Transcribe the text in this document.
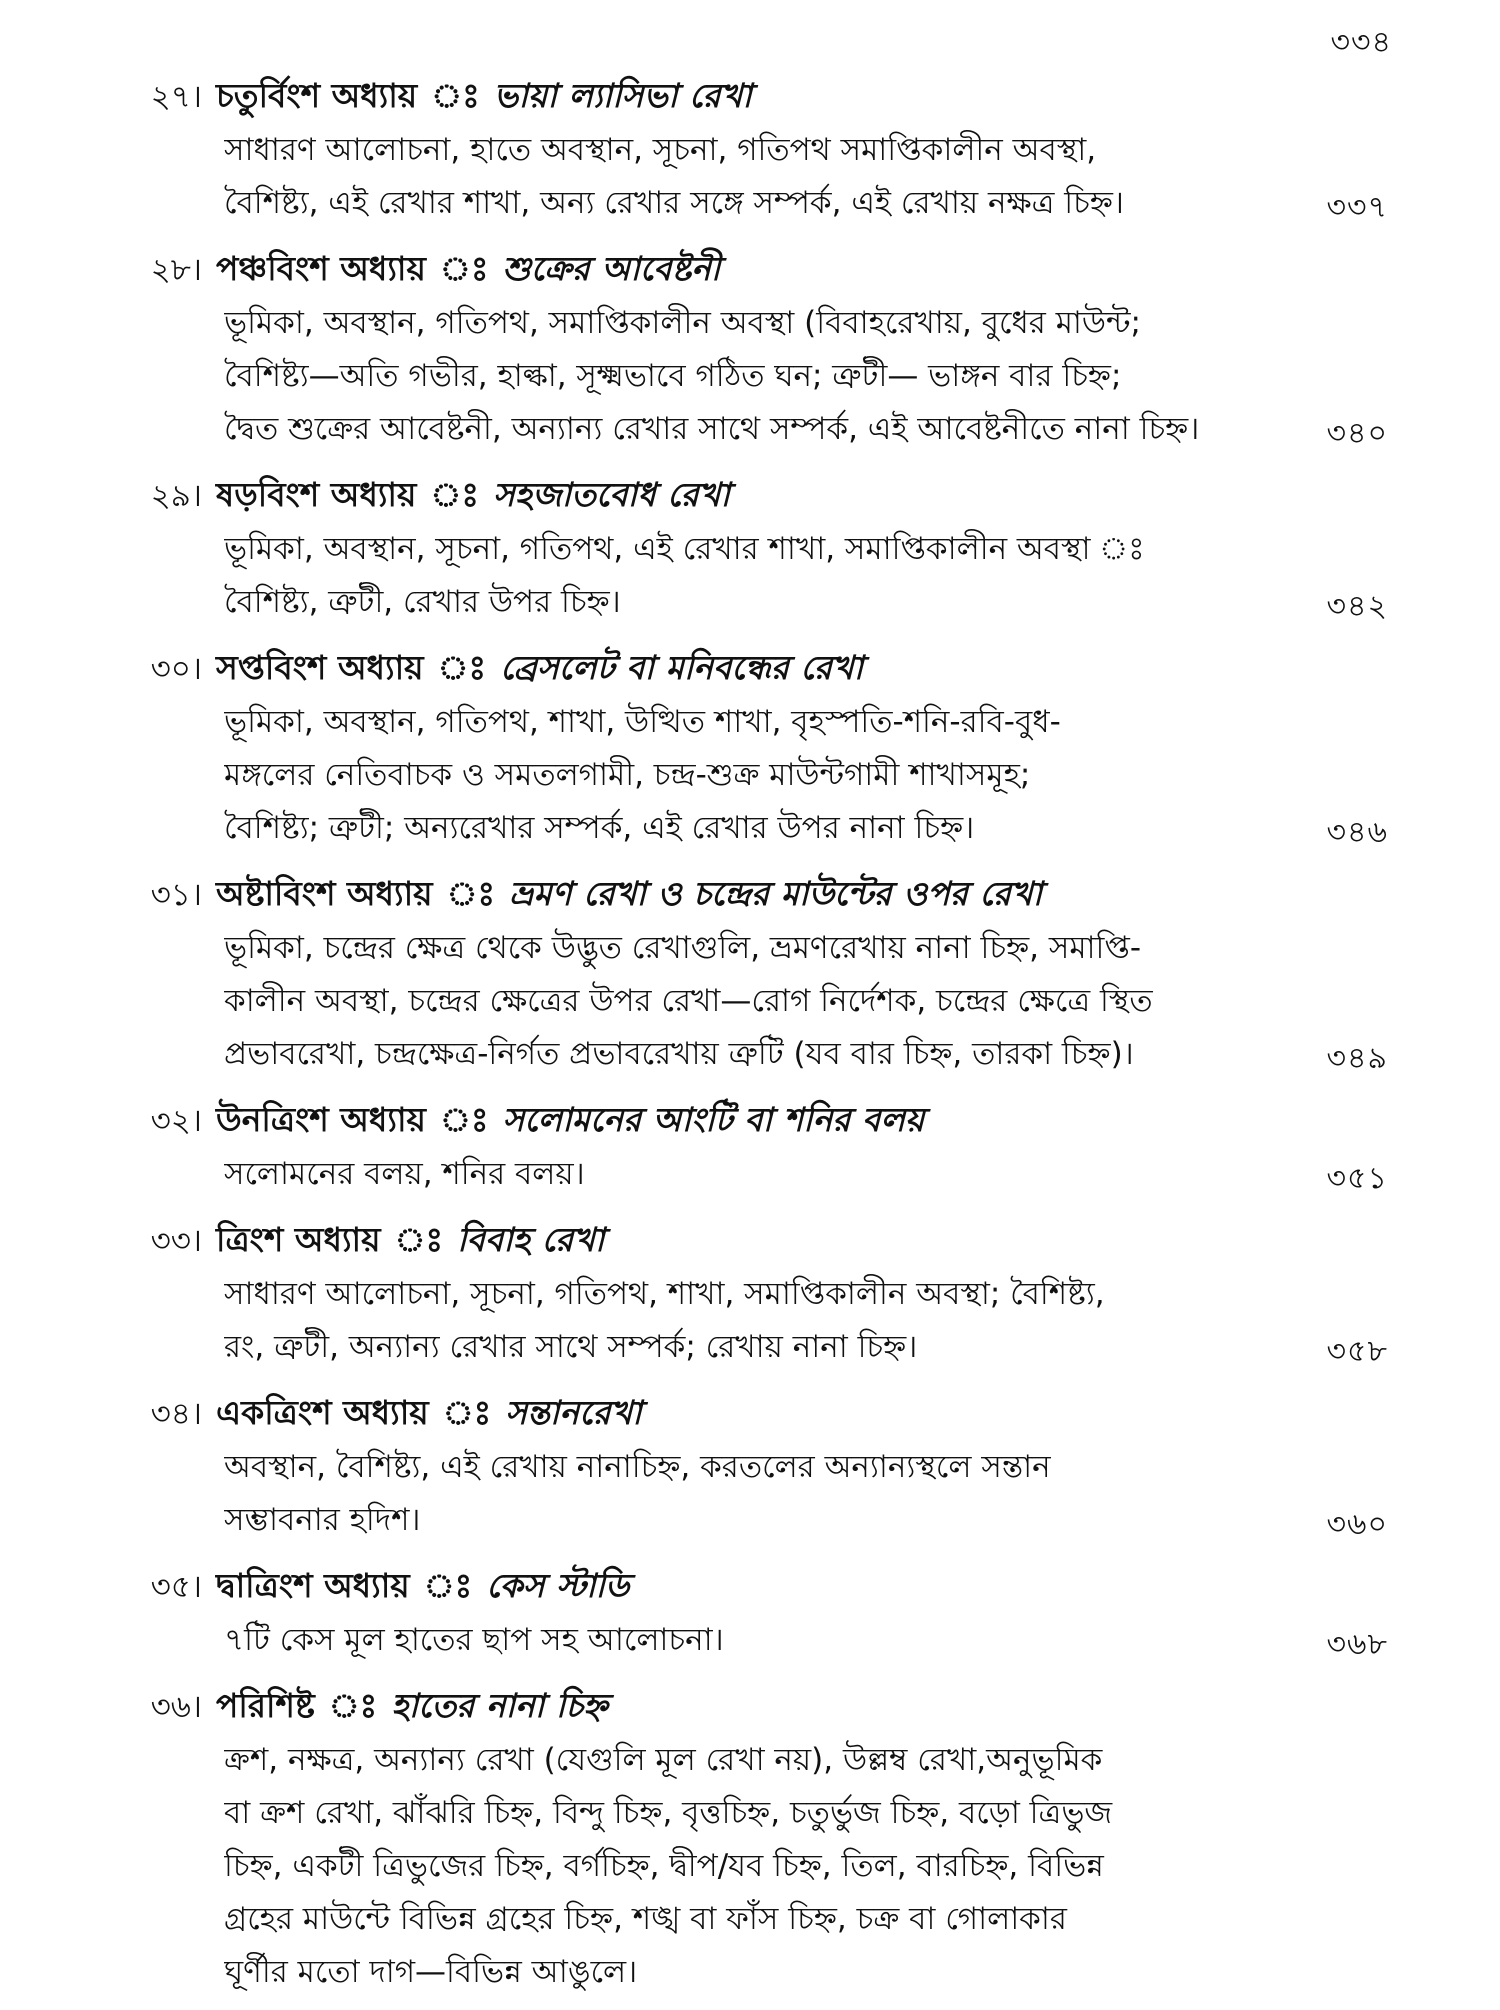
৩৩৪
২৭। চতুর্বিংশ অধ্যায় ঃ ভায়া ল্যাসিভা রেখা
সাধারণ আলোচনা, হাতে অবস্থান, সূচনা, গতিপথ সমাপ্তিকালীন অবস্থা,
বৈশিষ্ট্য, এই রেখার শাখা, অন্য রেখার সঙ্গে সম্পর্ক, এই রেখায় নক্ষত্র চিহ্ন।	৩৩৭
২৮। পঞ্চবিংশ অধ্যায় ঃ শুক্রের আবেষ্টনী
ভূমিকা, অবস্থান, গতিপথ, সমাপ্তিকালীন অবস্থা (বিবাহরেখায়, বুধের মাউন্ট;
বৈশিষ্ট্য—অতি গভীর, হাল্কা, সূক্ষ্মভাবে গঠিত ঘন; ত্রুটী— ভাঙ্গন বার চিহ্ন;
দ্বৈত শুক্রের আবেষ্টনী, অন্যান্য রেখার সাথে সম্পর্ক, এই আবেষ্টনীতে নানা চিহ্ন।	৩৪০
২৯। ষড়বিংশ অধ্যায় ঃ সহজাতবোধ রেখা
ভূমিকা, অবস্থান, সূচনা, গতিপথ, এই রেখার শাখা, সমাপ্তিকালীন অবস্থা ঃ
বৈশিষ্ট্য, ত্রুটী, রেখার উপর চিহ্ন।	৩৪২
৩০। সপ্তবিংশ অধ্যায় ঃ ব্রেসলেট বা মনিবন্ধের রেখা
ভূমিকা, অবস্থান, গতিপথ, শাখা, উত্থিত শাখা, বৃহস্পতি-শনি-রবি-বুধ-
মঙ্গলের নেতিবাচক ও সমতলগামী, চন্দ্র-শুক্র মাউন্টগামী শাখাসমূহ;
বৈশিষ্ট্য; ত্রুটী; অন্যরেখার সম্পর্ক, এই রেখার উপর নানা চিহ্ন।	৩৪৬
৩১। অষ্টাবিংশ অধ্যায় ঃ ভ্রমণ রেখা ও চন্দ্রের মাউন্টের ওপর রেখা
ভূমিকা, চন্দ্রের ক্ষেত্র থেকে উদ্ভুত রেখাগুলি, ভ্রমণরেখায় নানা চিহ্ন, সমাপ্তি-
কালীন অবস্থা, চন্দ্রের ক্ষেত্রের উপর রেখা—রোগ নির্দেশক, চন্দ্রের ক্ষেত্রে স্থিত
প্রভাবরেখা, চন্দ্রক্ষেত্র-নির্গত প্রভাবরেখায় ত্রুটি (যব বার চিহ্ন, তারকা চিহ্ন)।	৩৪৯
৩২। উনত্রিংশ অধ্যায় ঃ সলোমনের আংটি বা শনির বলয়
সলোমনের বলয়, শনির বলয়।	৩৫১
৩৩। ত্রিংশ অধ্যায় ঃ বিবাহ রেখা
সাধারণ আলোচনা, সূচনা, গতিপথ, শাখা, সমাপ্তিকালীন অবস্থা; বৈশিষ্ট্য,
রং, ত্রুটী, অন্যান্য রেখার সাথে সম্পর্ক; রেখায় নানা চিহ্ন।	৩৫৮
৩৪। একত্রিংশ অধ্যায় ঃ সন্তানরেখা
অবস্থান, বৈশিষ্ট্য, এই রেখায় নানাচিহ্ন, করতলের অন্যান্যস্থলে সন্তান
সম্ভাবনার হদিশ।	৩৬০
৩৫। দ্বাত্রিংশ অধ্যায় ঃ কেস স্টাডি
৭টি কেস মূল হাতের ছাপ সহ আলোচনা।	৩৬৮
৩৬। পরিশিষ্ট ঃ হাতের নানা চিহ্ন
ক্রশ, নক্ষত্র, অন্যান্য রেখা (যেগুলি মূল রেখা নয়), উল্লম্ব রেখা,অনুভূমিক
বা ক্রশ রেখা, ঝাঁঝরি চিহ্ন, বিন্দু চিহ্ন, বৃত্তচিহ্ন, চতুর্ভুজ চিহ্ন, বড়ো ত্রিভুজ
চিহ্ন, একটী ত্রিভুজের চিহ্ন, বর্গচিহ্ন, দ্বীপ/যব চিহ্ন, তিল, বারচিহ্ন, বিভিন্ন
গ্রহের মাউন্টে বিভিন্ন গ্রহের চিহ্ন, শঙ্খ বা ফাঁস চিহ্ন, চক্র বা গোলাকার
ঘূর্ণীর মতো দাগ—বিভিন্ন আঙুলে।
